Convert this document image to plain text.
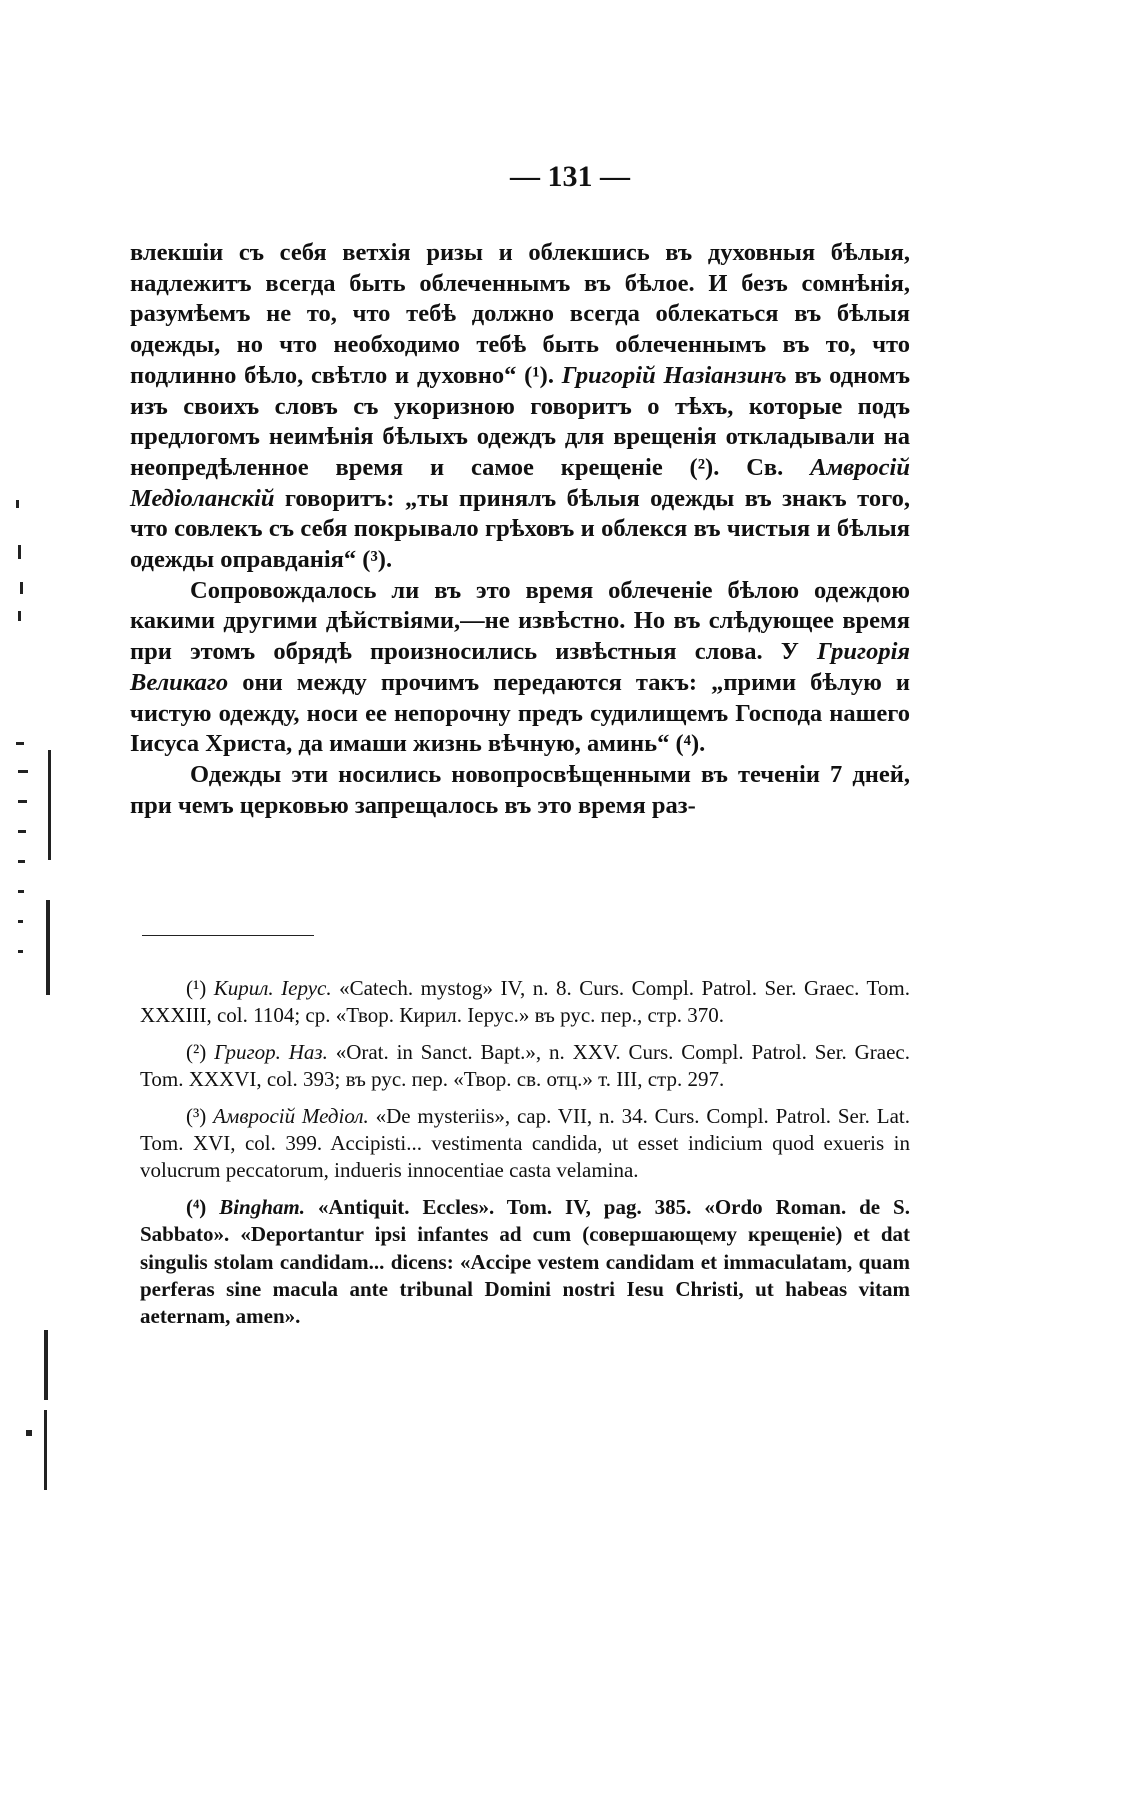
— 131 —

влекшiи съ себя ветхiя ризы и облекшись въ духовныя бѣлыя, надлежитъ всегда быть облеченнымъ въ бѣлое. И безъ сомнѣнiя, разумѣемъ не то, что тебѣ должно всегда облекаться въ бѣлыя одежды, но что необходимо тебѣ быть облеченнымъ въ то, что подлинно бѣло, свѣтло и духовно“ (¹). Григорiй Назiанзинъ въ одномъ изъ своихъ словъ съ укоризною говоритъ о тѣхъ, которые подъ предлогомъ неимѣнiя бѣлыхъ одеждъ для врещенiя откладывали на неопредѣленное время и самое крещенiе (²). Св. Амвросiй Медiоланскiй говоритъ: „ты принялъ бѣлыя одежды въ знакъ того, что совлекъ съ себя покрывало грѣховъ и облекся въ чистыя и бѣлыя одежды оправданiя“ (³).

Сопровождалось ли въ это время облеченiе бѣлою одеждою какими другими дѣйствiями,—не извѣстно. Но въ слѣдующее время при этомъ обрядѣ произносились извѣстныя слова. У Григорiя Великаго они между прочимъ передаются такъ: „прими бѣлую и чистую одежду, носи ее непорочну предъ судилищемъ Господа нашего Iисуса Христа, да имаши жизнь вѣчную, аминь“ (⁴).

Одежды эти носились новопросвѣщенными въ теченiи 7 дней, при чемъ церковью запрещалось въ это время раз-

(¹) Кирил. Iерус. «Catech. mystog» IV, n. 8. Curs. Compl. Patrol. Ser. Graec. Tom. XXXIII, col. 1104; ср. «Твор. Кирил. Iерус.» въ рус. пер., стр. 370.

(²) Григор. Наз. «Orat. in Sanct. Bapt.», n. XXV. Curs. Compl. Patrol. Ser. Graec. Tom. XXXVI, col. 393; въ рус. пер. «Твор. св. отц.» т. III, стр. 297.

(³) Амвросiй Медiол. «De mysteriis», cap. VII, n. 34. Curs. Compl. Patrol. Ser. Lat. Tom. XVI, col. 399. Accipisti... vestimenta candida, ut esset indicium quod exueris in volucrum peccatorum, indueris innocentiae casta velamina.

(⁴) Bingham. «Antiquit. Eccles». Tom. IV, pag. 385. «Ordo Roman. de S. Sabbato». «Deportantur ipsi infantes ad cum (совершающему крещенiе) et dat singulis stolam candidam... dicens: «Accipe vestem candidam et immaculatam, quam perferas sine macula ante tribunal Domini nostri Iesu Christi, ut habeas vitam aeternam, amen».
